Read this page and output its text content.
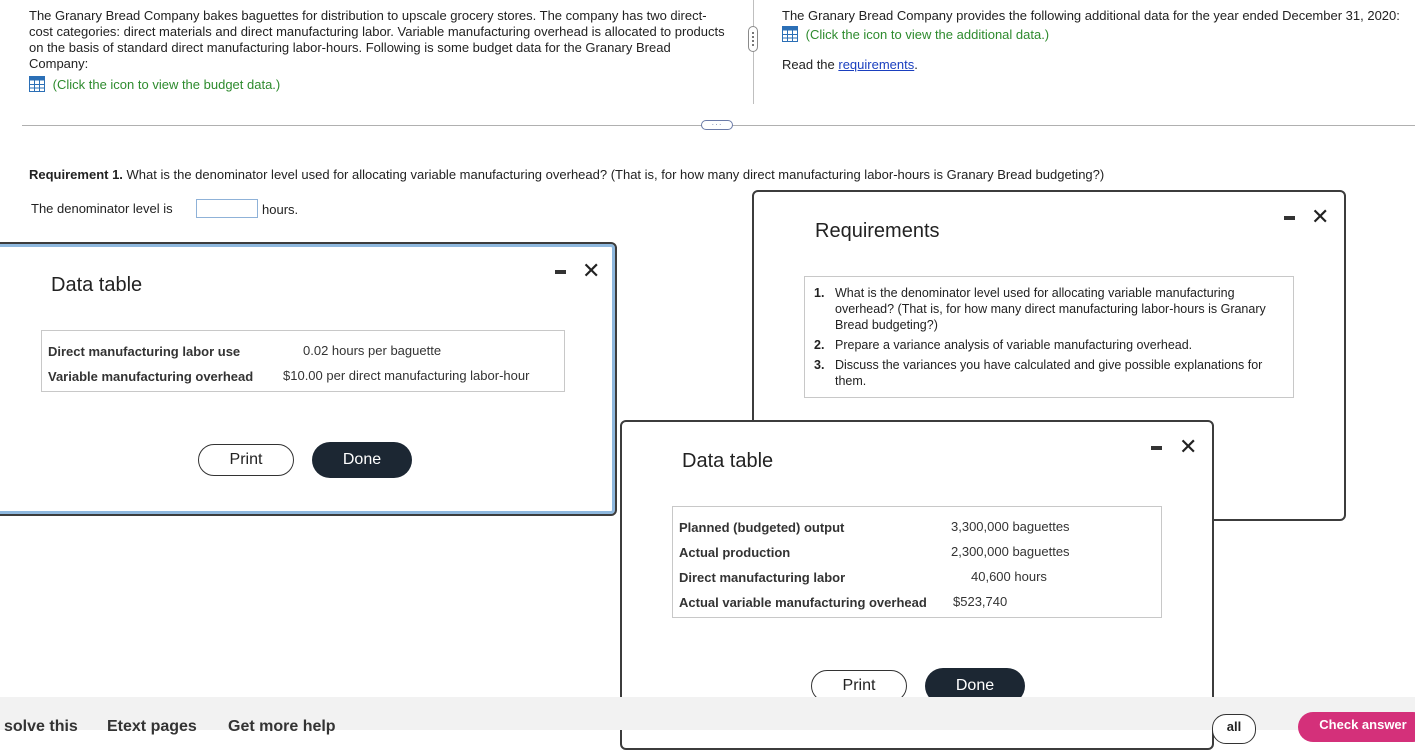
The Granary Bread Company bakes baguettes for distribution to upscale grocery stores. The company has two direct-cost categories: direct materials and direct manufacturing labor. Variable manufacturing overhead is allocated to products on the basis of standard direct manufacturing labor-hours. Following is some budget data for the Granary Bread Company:
(Click the icon to view the budget data.)
The Granary Bread Company provides the following additional data for the year ended December 31, 2020:
(Click the icon to view the additional data.)
Read the requirements.
···
Requirement 1. What is the denominator level used for allocating variable manufacturing overhead? (That is, for how many direct manufacturing labor-hours is Granary Bread budgeting?)
The denominator level is	hours.
Data table
✕
Direct manufacturing labor use	0.02 hours per baguette
Variable manufacturing overhead $10.00 per direct manufacturing labor-hour
Print	Done
Requirements
✕
1. What is the denominator level used for allocating variable manufacturing overhead? (That is, for how many direct manufacturing labor-hours is Granary Bread budgeting?)
2. Prepare a variance analysis of variable manufacturing overhead.
3. Discuss the variances you have calculated and give possible explanations for them.
Data table
✕
Planned (budgeted) output	3,300,000 baguettes
Actual production	2,300,000 baguettes
Direct manufacturing labor	40,600 hours
Actual variable manufacturing overhead $523,740
Print	Done
solve this Etext pages Get more help	all	Check answer
